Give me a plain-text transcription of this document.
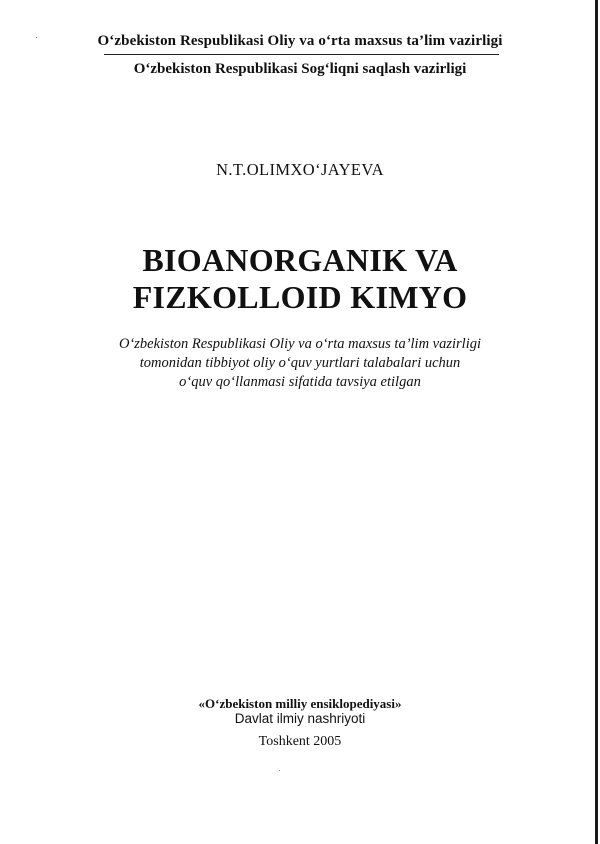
O‘zbekiston Respublikasi Oliy va o‘rta maxsus ta’lim vazirligi
O‘zbekiston Respublikasi Sog‘liqni saqlash vazirligi
N.T.OLIMXO‘JAYEVA
BIOANORGANIK VA
FIZKOLLOID KIMYO
O‘zbekiston Respublikasi Oliy va o‘rta maxsus ta’lim vazirligi
tomonidan tibbiyot oliy o‘quv yurtlari talabalari uchun
o‘quv qo‘llanmasi sifatida tavsiya etilgan
«O‘zbekiston milliy ensiklopediyasi»
Davlat ilmiy nashriyoti
Toshkent 2005
